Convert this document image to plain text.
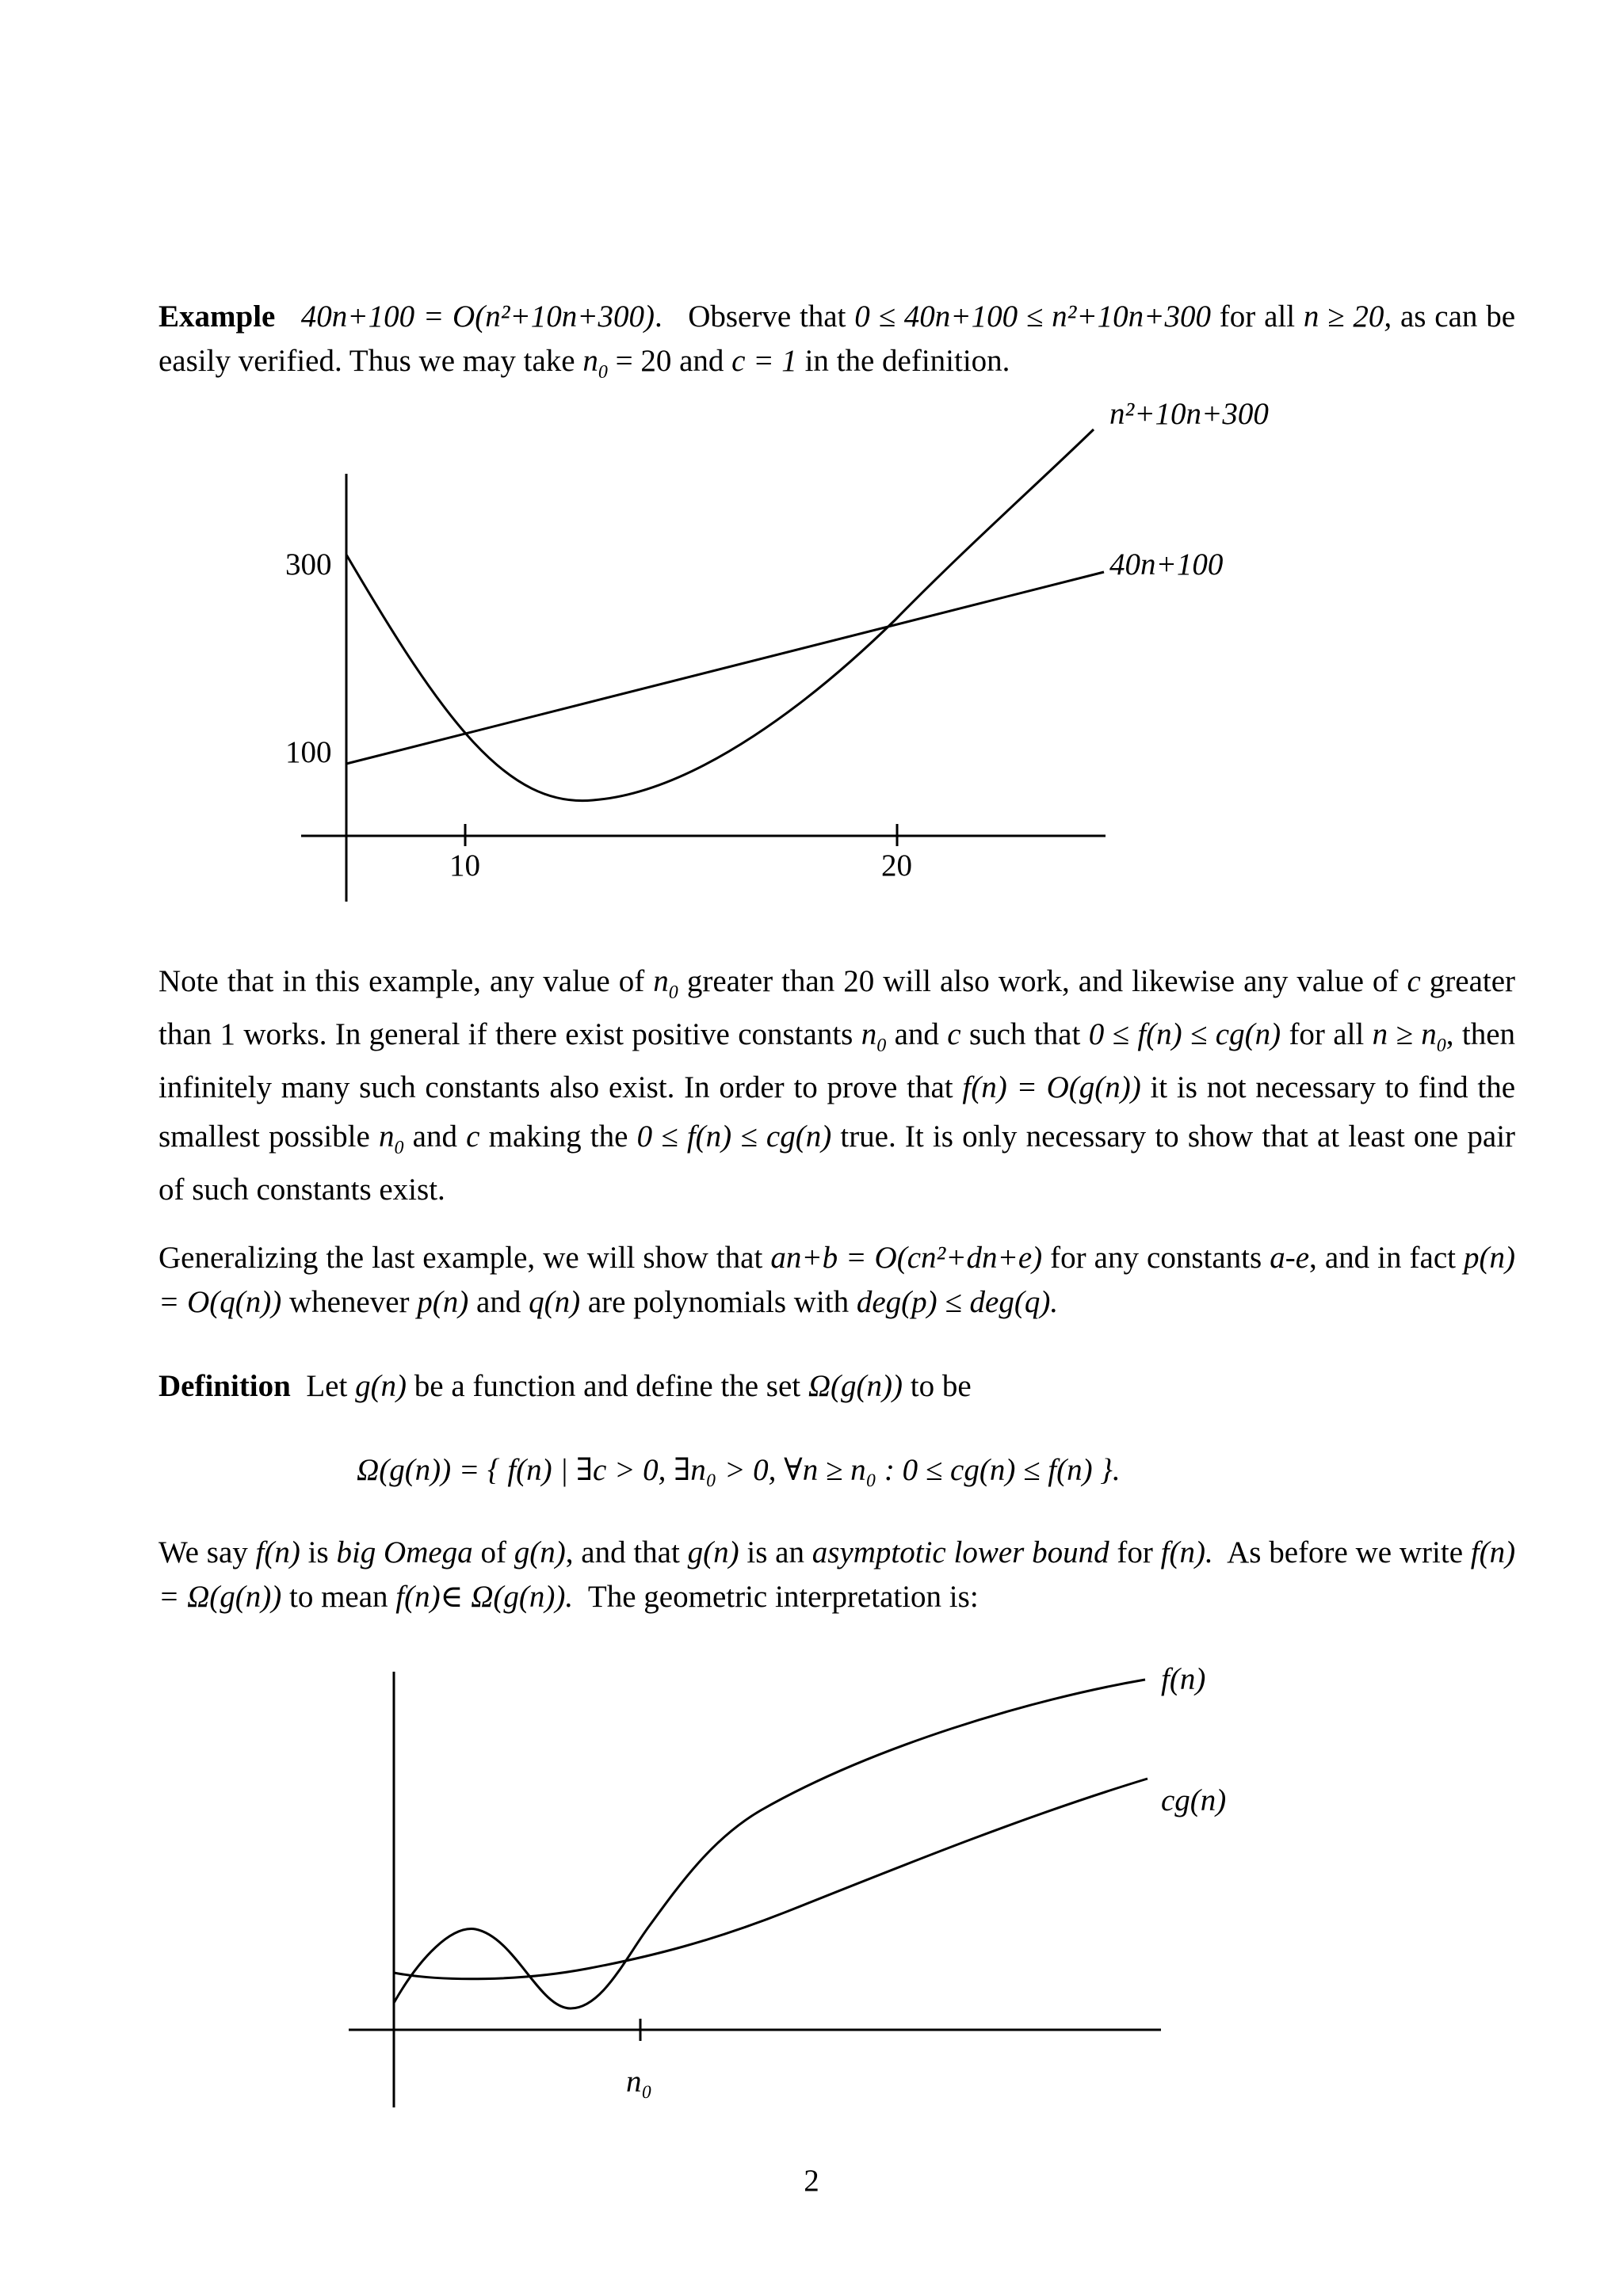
Example 40n+100 = O(n²+10n+300).   Observe that 0 ≤ 40n+100 ≤ n²+10n+300 for all n ≥ 20, as can be easily verified. Thus we may take $n_0 = 20$ and c = 1 in the definition.

n²+10n+300
40n+100
300
100
10	20

Note that in this example, any value of $n_0$ greater than 20 will also work, and likewise any value of c greater than 1 works. In general if there exist positive constants $n_0$ and c such that 0 ≤ f(n) ≤ cg(n) for all $n \ge n_0$, then infinitely many such constants also exist. In order to prove that f(n) = O(g(n)) it is not necessary to find the smallest possible $n_0$ and c making the 0 ≤ f(n) ≤ cg(n) true. It is only necessary to show that at least one pair of such constants exist.

Generalizing the last example, we will show that an+b = O(cn²+dn+e) for any constants a-e, and in fact p(n) = O(q(n)) whenever p(n) and q(n) are polynomials with deg(p) ≤ deg(q).

Definition Let g(n) be a function and define the set Ω(g(n)) to be

Ω(g(n)) = { f(n) | ∃c > 0, ∃n₀ > 0, ∀n ≥ n₀ : 0 ≤ cg(n) ≤ f(n) }.

We say f(n) is big Omega of g(n), and that g(n) is an asymptotic lower bound for f(n). As before we write f(n) = Ω(g(n)) to mean f(n)∈ Ω(g(n)). The geometric interpretation is:

f(n)
cg(n)
n₀
2
